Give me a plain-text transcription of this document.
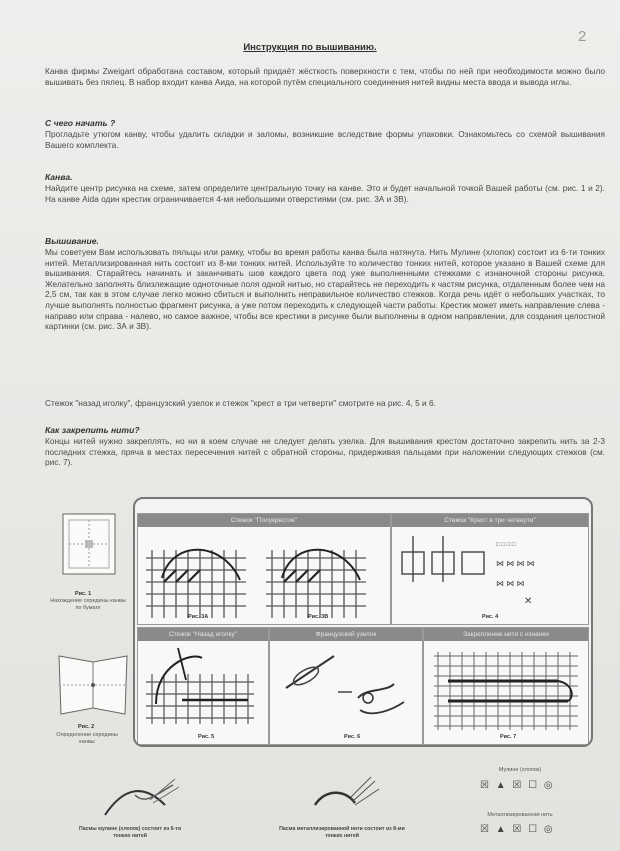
2
Инструкция по вышиванию.
Канва фирмы Zweigart обработана составом, который придаёт жёсткость поверхности с тем, чтобы по ней при необходимости можно было вышивать без пялец. В набор входит канва Аида, на которой путём специального соединения нитей видны места ввода и вывода иглы.
С чего начать ?
Прогладьте утюгом канву, чтобы удалить складки и заломы, возникшие вследствие формы упаковки. Ознакомьтесь со схемой вышивания Вашего комплекта.
Канва.
Найдите центр рисунка на схеме, затем определите центральную точку на канве. Это и будет начальной точкой Вашей работы (см. рис. 1 и 2). На канве Aida один крестик ограничивается 4-мя небольшими отверстиями (см. рис. 3А и 3В).
Вышивание.
Мы советуем Вам использовать пяльцы или рамку, чтобы во время работы канва была натянута. Нить Мулине (хлопок) состоит из 6-ти тонких нитей. Металлизированная нить состоит из 8-ми тонких нитей. Используйте то количество тонких нитей, которое указано в Вашей схеме для вышивания. Старайтесь начинать и заканчивать шов каждого цвета под уже выполненными стежками с изнаночной стороны рисунка. Желательно заполнять близлежащие одноточные поля одной нитью, но старайтесь не переходить к частям рисунка, отдаленным более чем на 2,5 см, так как в этом случае легко можно сбиться и выполнить неправильное количество стежков. Когда речь идёт о небольших участках, то лучше выполнять полностью фрагмент рисунка, а уже потом переходить к следующей части работы. Крестик может иметь направление слева - направо или справа - налево, но самое важное, чтобы все крестики в рисунке были выполнены в одном направлении, для создания целостной картинки (см. рис. 3А и 3В).
Стежок "назад иголку", французский узелок и стежок "крест в три четверти" смотрите на рис. 4, 5 и 6.
Как закрепить нити?
Концы нитей нужно закреплять, но ни в коем случае не следует делать узелка. Для вышивания крестом достаточно закрепить нить за 2-3 последних стежка, пряча в местах пересечения нитей с обратной стороны, придерживая пальцами при наложении следующих стежков (см. рис. 7).
Рис. 1
Нахождение середины канвы по бумаге
Рис. 2
Определение середины канвы
Стежок "Полукрестик"
Рис. 3А	Рис. 3В
Стежок "Крест в три четверти"
□ □ □ □
⋈ ⋈ ⋈ ⋈
⋈ ⋈ ⋈
✕
Рис. 4
Стежок "Назад иголку"
Рис. 5
Французский узелок
Рис. 6
Закрепление нити с изнанки
Рис. 7
Пасмы мулине (хлопок) состоит из 6-ти тонких нитей
Пасма металлизированной нити состоит из 8-ми тонких нитей
Мулине (хлопок)
☒ ▲ ☒ ☐ ◎
Металлизированная нить
☒ ▲ ☒ ☐ ◎
